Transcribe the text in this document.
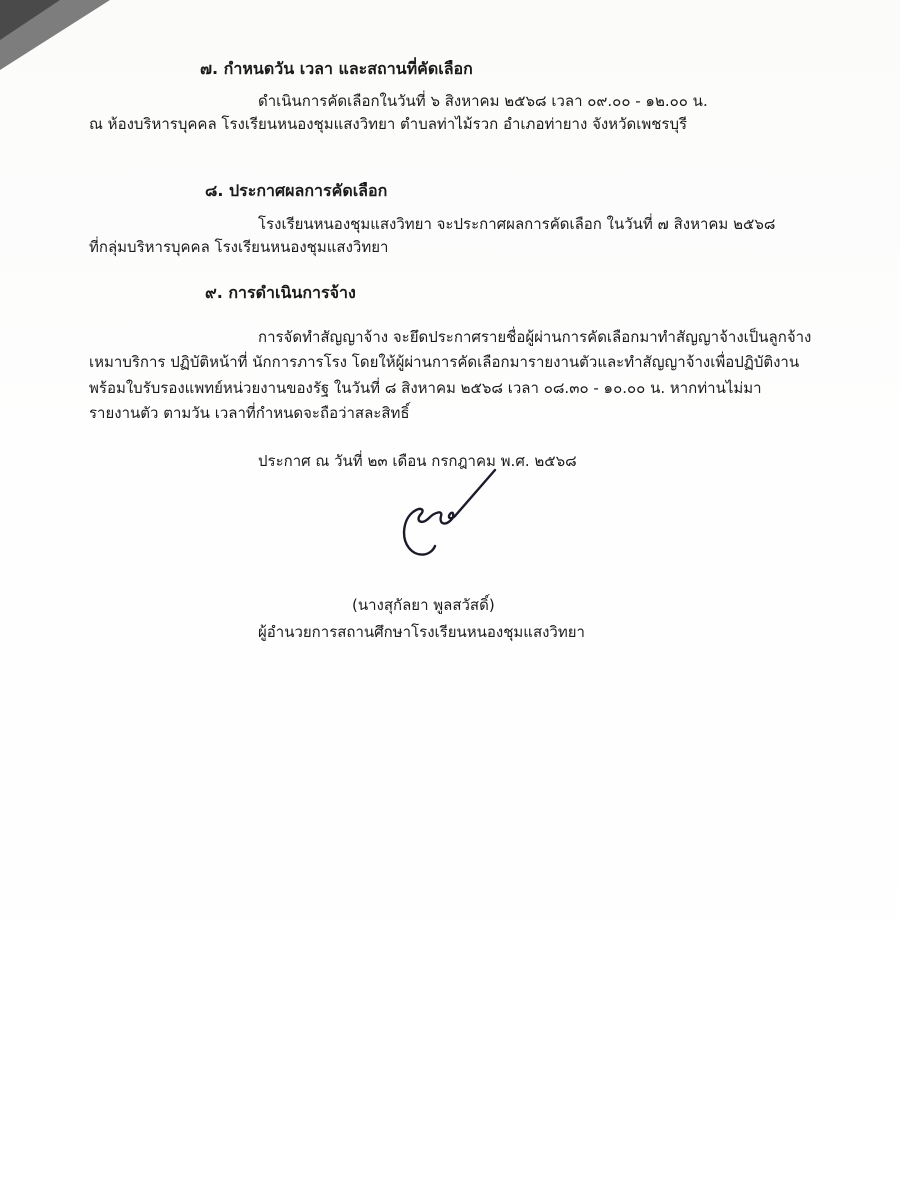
๗. กำหนดวัน เวลา และสถานที่คัดเลือก
ดำเนินการคัดเลือกในวันที่ ๖ สิงหาคม ๒๕๖๘ เวลา ๐๙.๐๐ - ๑๒.๐๐ น.
ณ ห้องบริหารบุคคล โรงเรียนหนองชุมแสงวิทยา ตำบลท่าไม้รวก อำเภอท่ายาง จังหวัดเพชรบุรี
๘. ประกาศผลการคัดเลือก
โรงเรียนหนองชุมแสงวิทยา จะประกาศผลการคัดเลือก ในวันที่ ๗ สิงหาคม ๒๕๖๘
ที่กลุ่มบริหารบุคคล โรงเรียนหนองชุมแสงวิทยา
๙. การดำเนินการจ้าง
การจัดทำสัญญาจ้าง จะยึดประกาศรายชื่อผู้ผ่านการคัดเลือกมาทำสัญญาจ้างเป็นลูกจ้าง
เหมาบริการ ปฏิบัติหน้าที่ นักการภารโรง โดยให้ผู้ผ่านการคัดเลือกมารายงานตัวและทำสัญญาจ้างเพื่อปฏิบัติงาน
พร้อมใบรับรองแพทย์หน่วยงานของรัฐ ในวันที่ ๘ สิงหาคม ๒๕๖๘ เวลา ๐๘.๓๐ - ๑๐.๐๐ น. หากท่านไม่มา
รายงานตัว ตามวัน เวลาที่กำหนดจะถือว่าสละสิทธิ์
ประกาศ ณ วันที่ ๒๓ เดือน กรกฎาคม พ.ศ. ๒๕๖๘
(นางสุกัลยา พูลสวัสดิ์)
ผู้อำนวยการสถานศึกษาโรงเรียนหนองชุมแสงวิทยา
